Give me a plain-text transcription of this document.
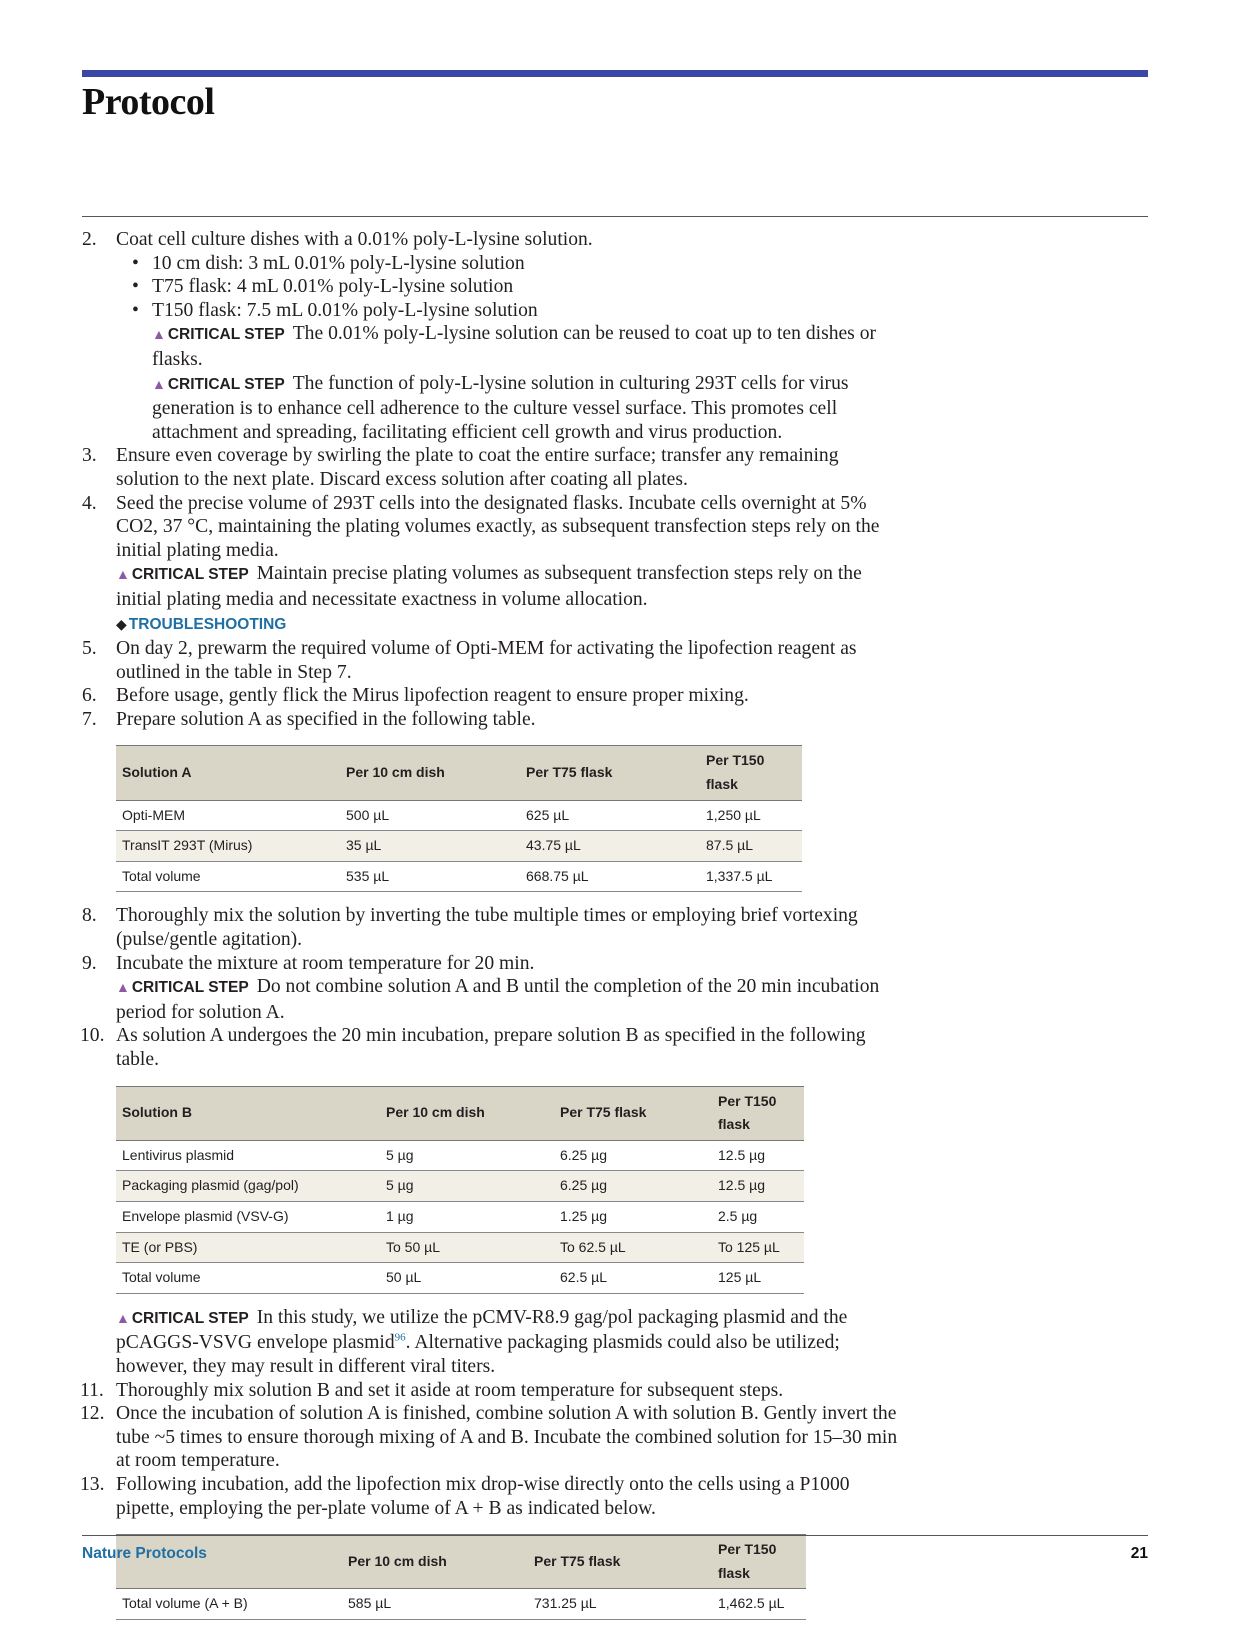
Protocol
2. Coat cell culture dishes with a 0.01% poly-L-lysine solution.
• 10 cm dish: 3 mL 0.01% poly-L-lysine solution
• T75 flask: 4 mL 0.01% poly-L-lysine solution
• T150 flask: 7.5 mL 0.01% poly-L-lysine solution
▲ CRITICAL STEP The 0.01% poly-L-lysine solution can be reused to coat up to ten dishes or flasks.
▲ CRITICAL STEP The function of poly-L-lysine solution in culturing 293T cells for virus generation is to enhance cell adherence to the culture vessel surface. This promotes cell attachment and spreading, facilitating efficient cell growth and virus production.
3. Ensure even coverage by swirling the plate to coat the entire surface; transfer any remaining solution to the next plate. Discard excess solution after coating all plates.
4. Seed the precise volume of 293T cells into the designated flasks. Incubate cells overnight at 5% CO2, 37 °C, maintaining the plating volumes exactly, as subsequent transfection steps rely on the initial plating media.
▲ CRITICAL STEP Maintain precise plating volumes as subsequent transfection steps rely on the initial plating media and necessitate exactness in volume allocation.
◆ TROUBLESHOOTING
5. On day 2, prewarm the required volume of Opti-MEM for activating the lipofection reagent as outlined in the table in Step 7.
6. Before usage, gently flick the Mirus lipofection reagent to ensure proper mixing.
7. Prepare solution A as specified in the following table.
Solution A	Per 10 cm dish	Per T75 flask	Per T150 flask
Opti-MEM	500 µL	625 µL	1,250 µL
TransIT 293T (Mirus)	35 µL	43.75 µL	87.5 µL
Total volume	535 µL	668.75 µL	1,337.5 µL
8. Thoroughly mix the solution by inverting the tube multiple times or employing brief vortexing (pulse/gentle agitation).
9. Incubate the mixture at room temperature for 20 min.
▲ CRITICAL STEP Do not combine solution A and B until the completion of the 20 min incubation period for solution A.
10. As solution A undergoes the 20 min incubation, prepare solution B as specified in the following table.
Solution B	Per 10 cm dish	Per T75 flask	Per T150 flask
Lentivirus plasmid	5 µg	6.25 µg	12.5 µg
Packaging plasmid (gag/pol)	5 µg	6.25 µg	12.5 µg
Envelope plasmid (VSV-G)	1 µg	1.25 µg	2.5 µg
TE (or PBS)	To 50 µL	To 62.5 µL	To 125 µL
Total volume	50 µL	62.5 µL	125 µL
▲ CRITICAL STEP In this study, we utilize the pCMV-R8.9 gag/pol packaging plasmid and the pCAGGS-VSVG envelope plasmid$^{96}$. Alternative packaging plasmids could also be utilized; however, they may result in different viral titers.
11. Thoroughly mix solution B and set it aside at room temperature for subsequent steps.
12. Once the incubation of solution A is finished, combine solution A with solution B. Gently invert the tube ~5 times to ensure thorough mixing of A and B. Incubate the combined solution for 15–30 min at room temperature.
13. Following incubation, add the lipofection mix drop-wise directly onto the cells using a P1000 pipette, employing the per-plate volume of A + B as indicated below.
	Per 10 cm dish	Per T75 flask	Per T150 flask
Total volume (A + B)	585 µL	731.25 µL	1,462.5 µL
Nature Protocols	21
